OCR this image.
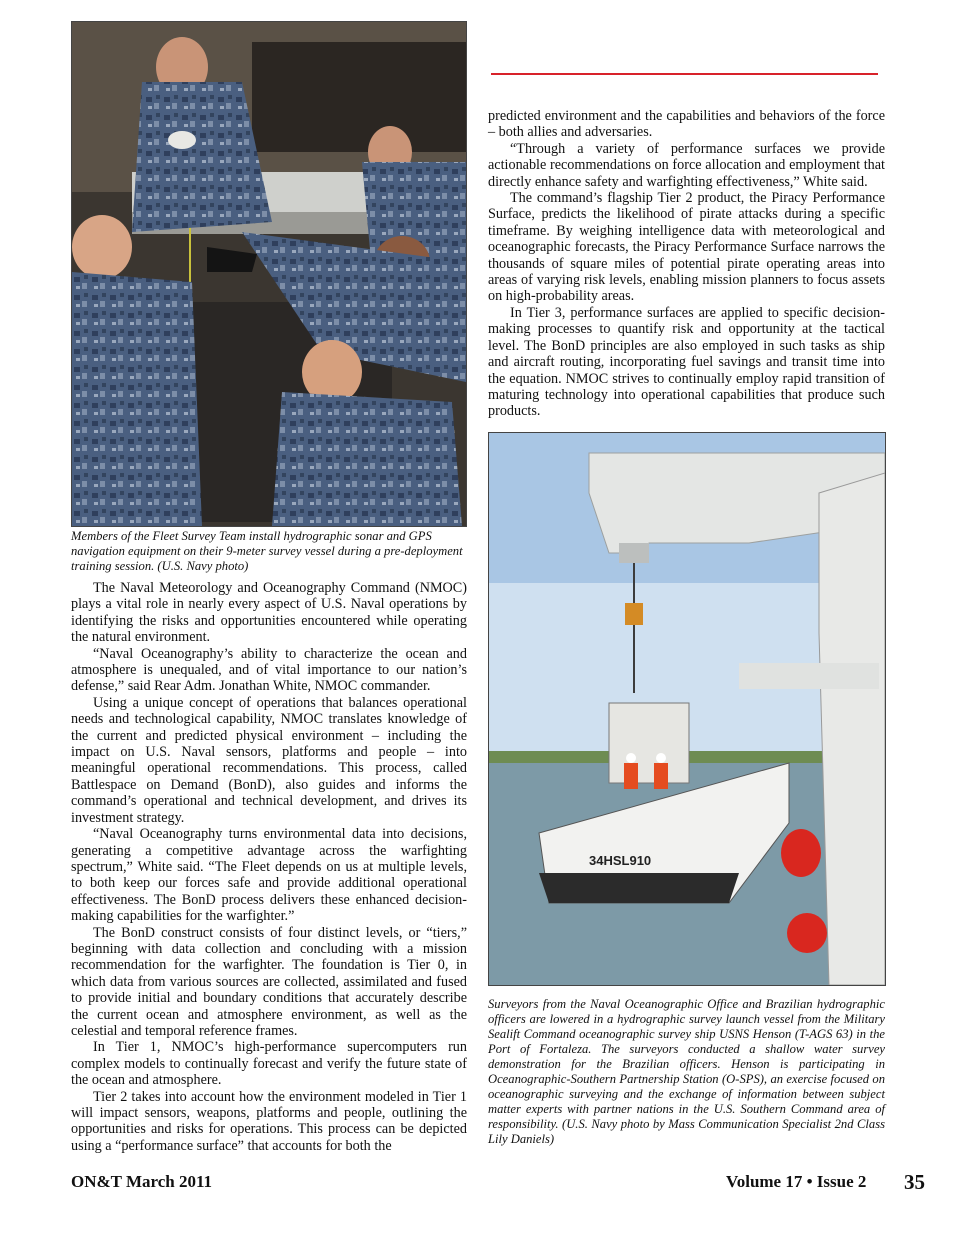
Members of the Fleet Survey Team install hydrographic sonar and GPS navigation equipment on their 9-meter survey vessel during a pre-deployment training session. (U.S. Navy photo)

The Naval Meteorology and Oceanography Command (NMOC) plays a vital role in nearly every aspect of U.S. Naval operations by identifying the risks and opportunities encountered while operating the natural environment.

“Naval Oceanography’s ability to characterize the ocean and atmosphere is unequaled, and of vital importance to our nation’s defense,” said Rear Adm. Jonathan White, NMOC commander.

Using a unique concept of operations that balances operational needs and technological capability, NMOC translates knowledge of the current and predicted physical environment – including the impact on U.S. Naval sensors, platforms and people – into meaningful operational recommendations. This process, called Battlespace on Demand (BonD), also guides and informs the command’s operational and technical development, and drives its investment strategy.

“Naval Oceanography turns environmental data into decisions, generating a competitive advantage across the warfighting spectrum,” White said. “The Fleet depends on us at multiple levels, to both keep our forces safe and provide additional operational effectiveness. The BonD process delivers these enhanced decision-making capabilities for the warfighter.”

The BonD construct consists of four distinct levels, or “tiers,” beginning with data collection and concluding with a mission recommendation for the warfighter. The foundation is Tier 0, in which data from various sources are collected, assimilated and fused to provide initial and boundary conditions that accurately describe the current ocean and atmosphere environment, as well as the celestial and temporal reference frames.

In Tier 1, NMOC’s high-performance supercomputers run complex models to continually forecast and verify the future state of the ocean and atmosphere.

Tier 2 takes into account how the environment modeled in Tier 1 will impact sensors, weapons, platforms and people, outlining the opportunities and risks for operations. This process can be depicted using a “performance surface” that accounts for both the

predicted environment and the capabilities and behaviors of the force – both allies and adversaries.

“Through a variety of performance surfaces we provide actionable recommendations on force allocation and employment that directly enhance safety and warfighting effectiveness,” White said.

The command’s flagship Tier 2 product, the Piracy Performance Surface, predicts the likelihood of pirate attacks during a specific timeframe. By weighing intelligence data with meteorological and oceanographic forecasts, the Piracy Performance Surface narrows the thousands of square miles of potential pirate operating areas into areas of varying risk levels, enabling mission planners to focus assets on high-probability areas.

In Tier 3, performance surfaces are applied to specific decision-making processes to quantify risk and opportunity at the tactical level. The BonD principles are also employed in such tasks as ship and aircraft routing, incorporating fuel savings and transit time into the equation. NMOC strives to continually employ rapid transition of maturing technology into operational capabilities that produce such products.

34HSL910
Surveyors from the Naval Oceanographic Office and Brazilian hydrographic officers are lowered in a hydrographic survey launch vessel from the Military Sealift Command oceanographic survey ship USNS Henson (T-AGS 63) in the Port of Fortaleza. The surveyors conducted a shallow water survey demonstration for the Brazilian officers. Henson is participating in Oceanographic-Southern Partnership Station (O-SPS), an exercise focused on oceanographic surveying and the exchange of information between subject matter experts with partner nations in the U.S. Southern Command area of responsibility. (U.S. Navy photo by Mass Communication Specialist 2nd Class Lily Daniels)
ON&T March 2011	Volume 17 • Issue 2 35
